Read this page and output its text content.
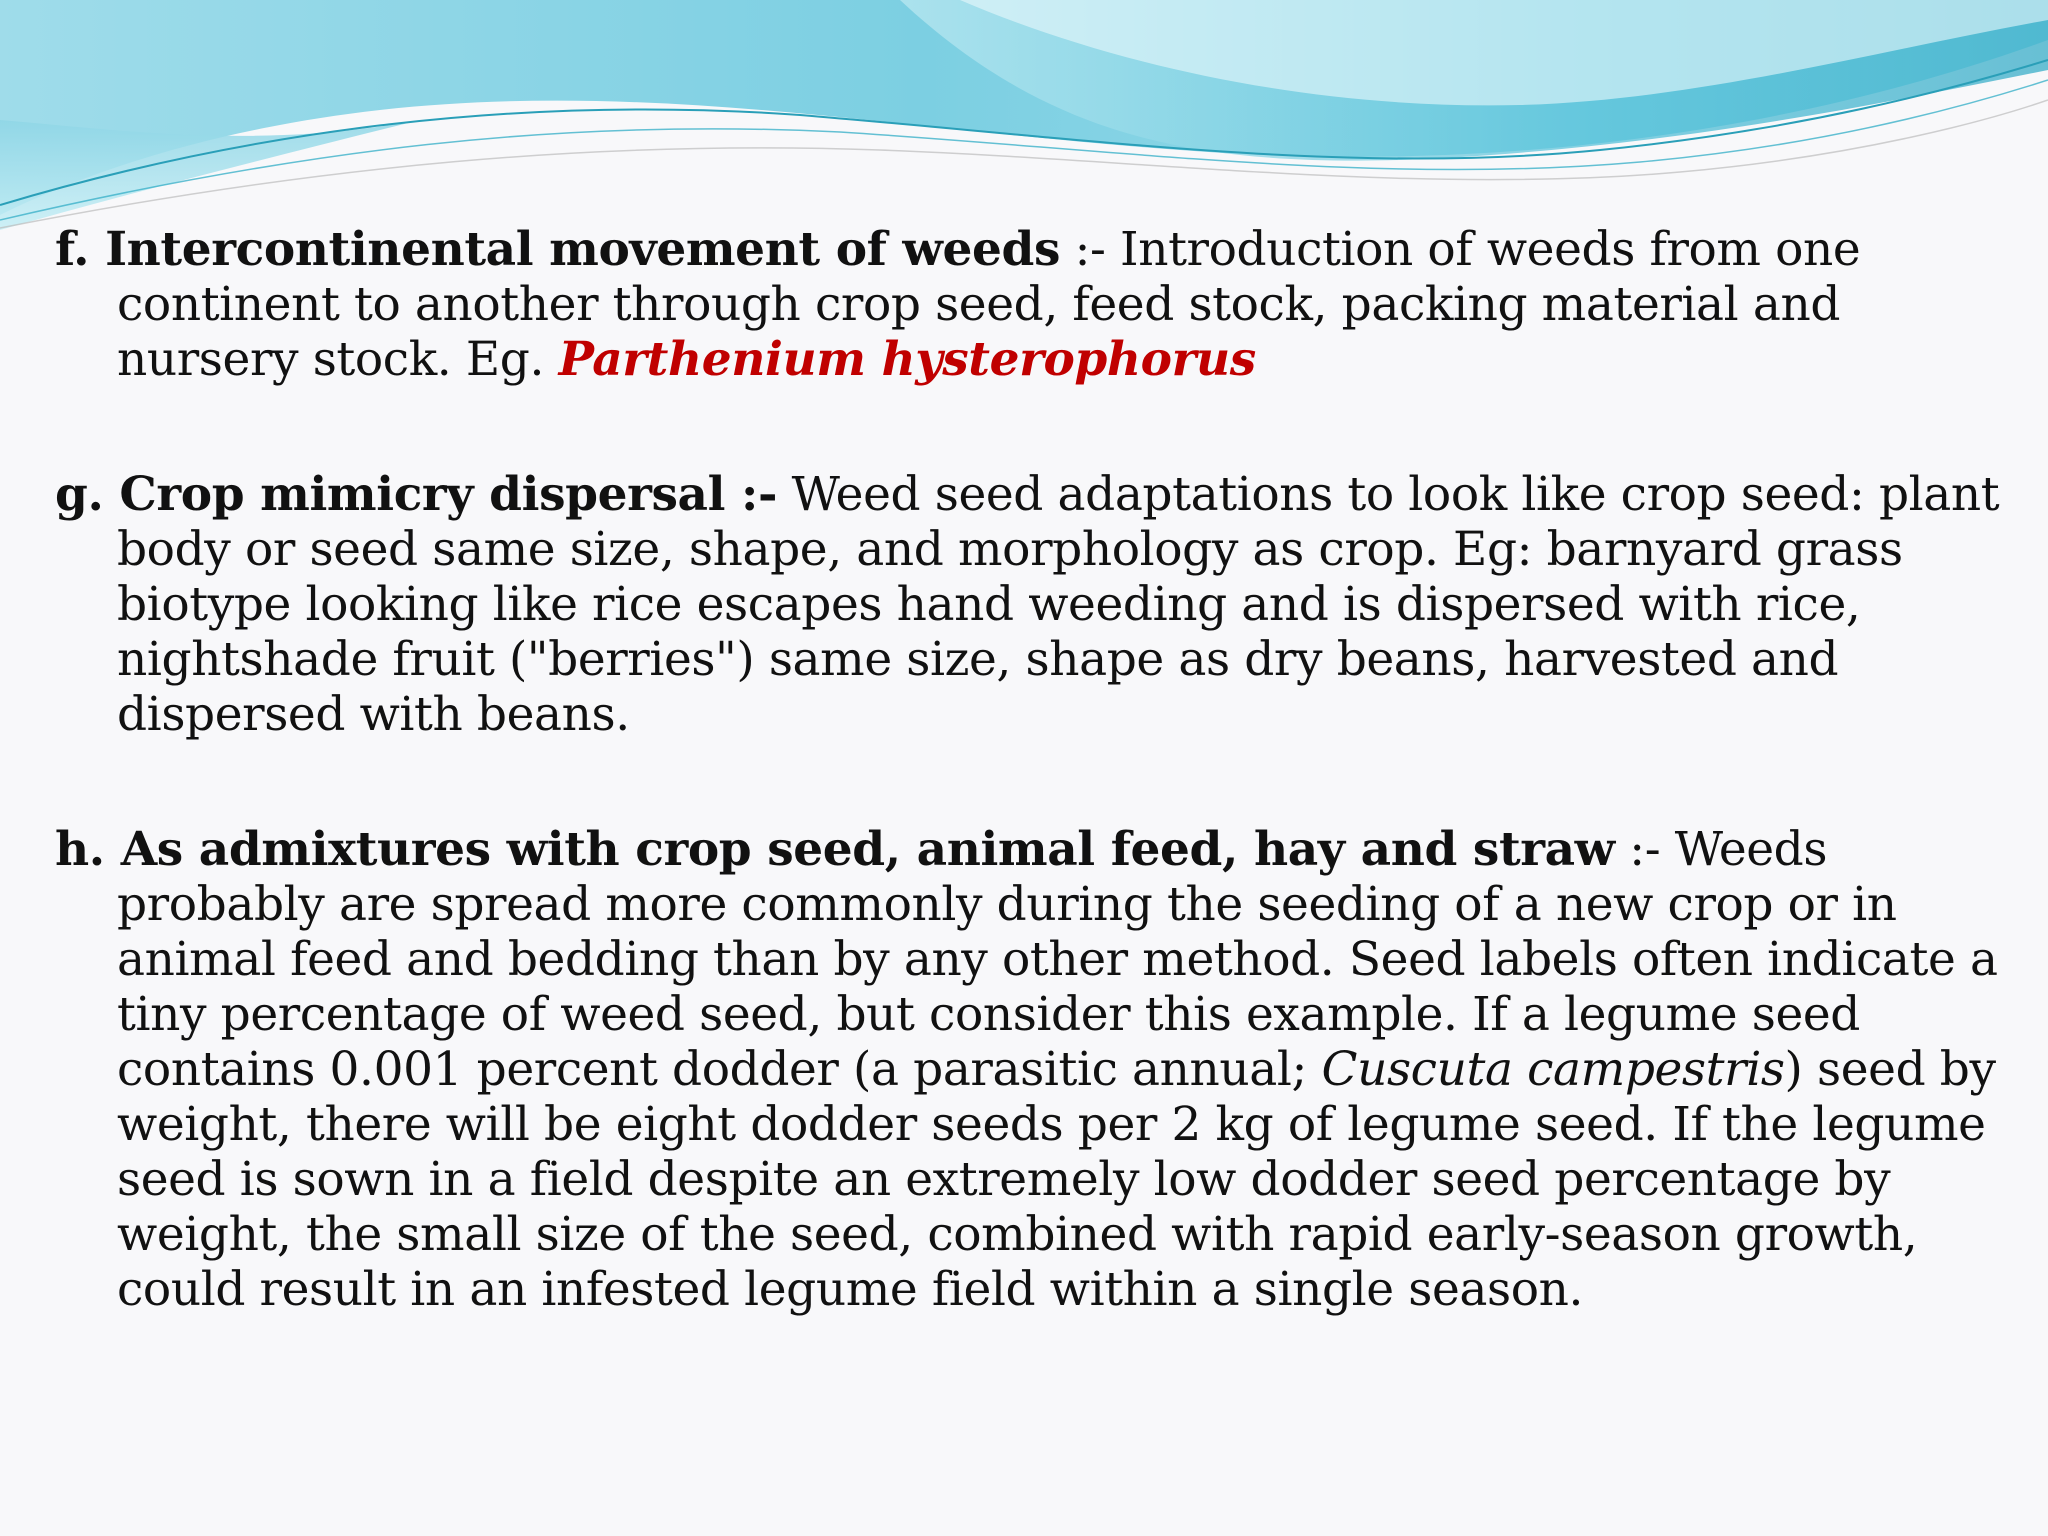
f. Intercontinental movement of weeds :- Introduction of weeds from one continent to another through crop seed, feed stock, packing material and nursery stock. Eg. Parthenium hysterophorus

g. Crop mimicry dispersal :- Weed seed adaptations to look like crop seed: plant body or seed same size, shape, and morphology as crop. Eg: barnyard grass biotype looking like rice escapes hand weeding and is dispersed with rice, nightshade fruit ("berries") same size, shape as dry beans, harvested and dispersed with beans.

h. As admixtures with crop seed, animal feed, hay and straw :- Weeds probably are spread more commonly during the seeding of a new crop or in animal feed and bedding than by any other method. Seed labels often indicate a tiny percentage of weed seed, but consider this example. If a legume seed contains 0.001 percent dodder (a parasitic annual; Cuscuta campestris) seed by weight, there will be eight dodder seeds per 2 kg of legume seed. If the legume seed is sown in a field despite an extremely low dodder seed percentage by weight, the small size of the seed, combined with rapid early-season growth, could result in an infested legume field within a single season.
